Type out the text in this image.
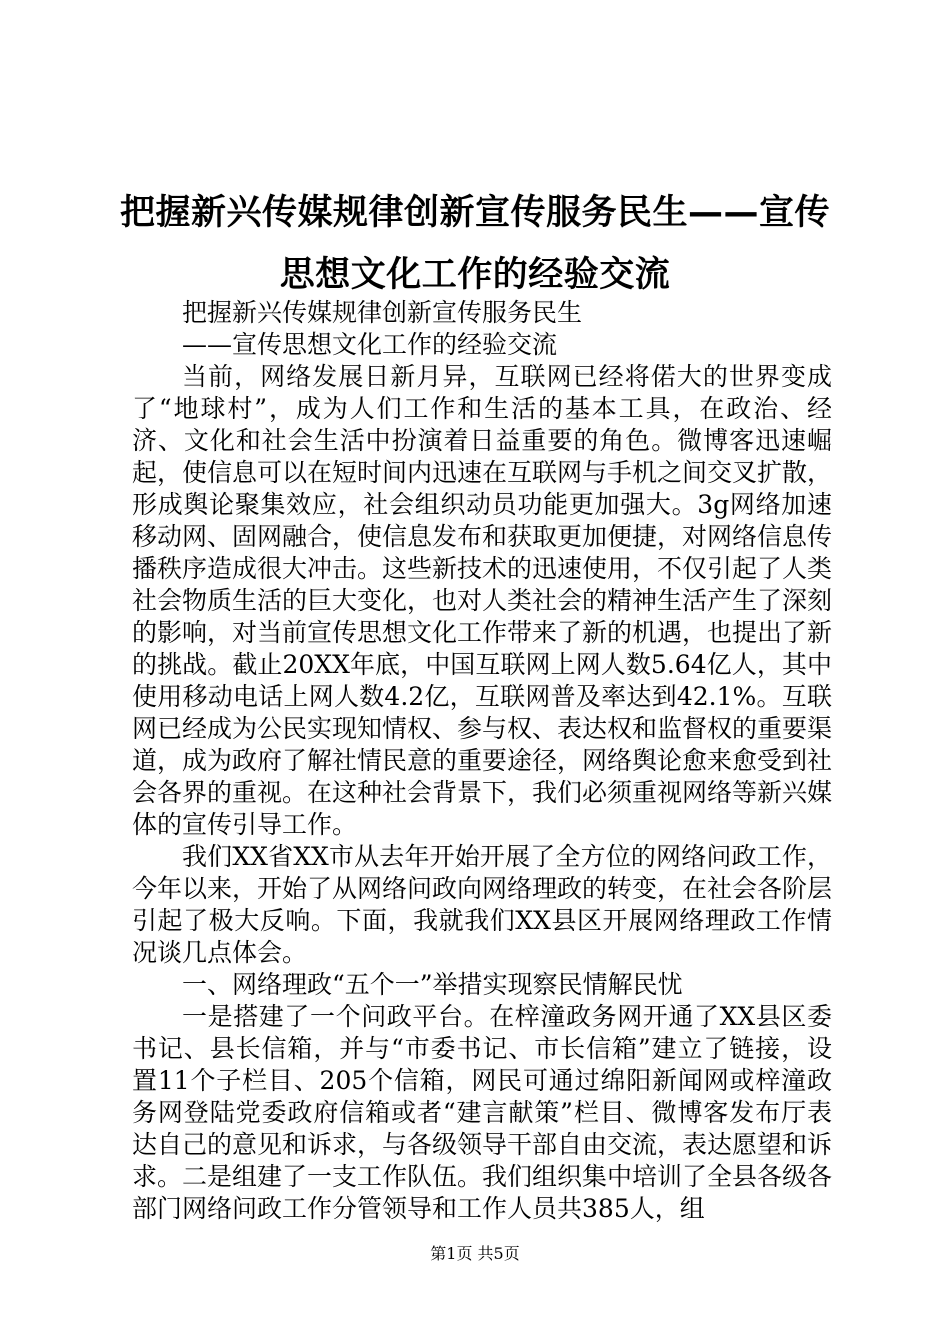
把握新兴传媒规律创新宣传服务民生——宣传
思想文化工作的经验交流

把握新兴传媒规律创新宣传服务民生

——宣传思想文化工作的经验交流

当前，网络发展日新月异，互联网已经将偌大的世界变成了“地球村”，成为人们工作和生活的基本工具，在政治、经济、文化和社会生活中扮演着日益重要的角色。微博客迅速崛起，使信息可以在短时间内迅速在互联网与手机之间交叉扩散，形成舆论聚集效应，社会组织动员功能更加强大。3g网络加速移动网、固网融合，使信息发布和获取更加便捷，对网络信息传播秩序造成很大冲击。这些新技术的迅速使用，不仅引起了人类社会物质生活的巨大变化，也对人类社会的精神生活产生了深刻的影响，对当前宣传思想文化工作带来了新的机遇，也提出了新的挑战。截止20XX年底，中国互联网上网人数5.64亿人，其中使用移动电话上网人数4.2亿，互联网普及率达到42.1%。互联网已经成为公民实现知情权、参与权、表达权和监督权的重要渠道，成为政府了解社情民意的重要途径，网络舆论愈来愈受到社会各界的重视。在这种社会背景下，我们必须重视网络等新兴媒体的宣传引导工作。

我们XX省XX市从去年开始开展了全方位的网络问政工作，今年以来，开始了从网络问政向网络理政的转变，在社会各阶层引起了极大反响。下面，我就我们XX县区开展网络理政工作情况谈几点体会。

一、网络理政“五个一”举措实现察民情解民忧

一是搭建了一个问政平台。在梓潼政务网开通了XX县区委书记、县长信箱，并与“市委书记、市长信箱”建立了链接，设置11个子栏目、205个信箱，网民可通过绵阳新闻网或梓潼政务网登陆党委政府信箱或者“建言献策”栏目、微博客发布厅表达自己的意见和诉求，与各级领导干部自由交流，表达愿望和诉求。二是组建了一支工作队伍。我们组织集中培训了全县各级各部门网络问政工作分管领导和工作人员共385人，组

第1页 共5页
